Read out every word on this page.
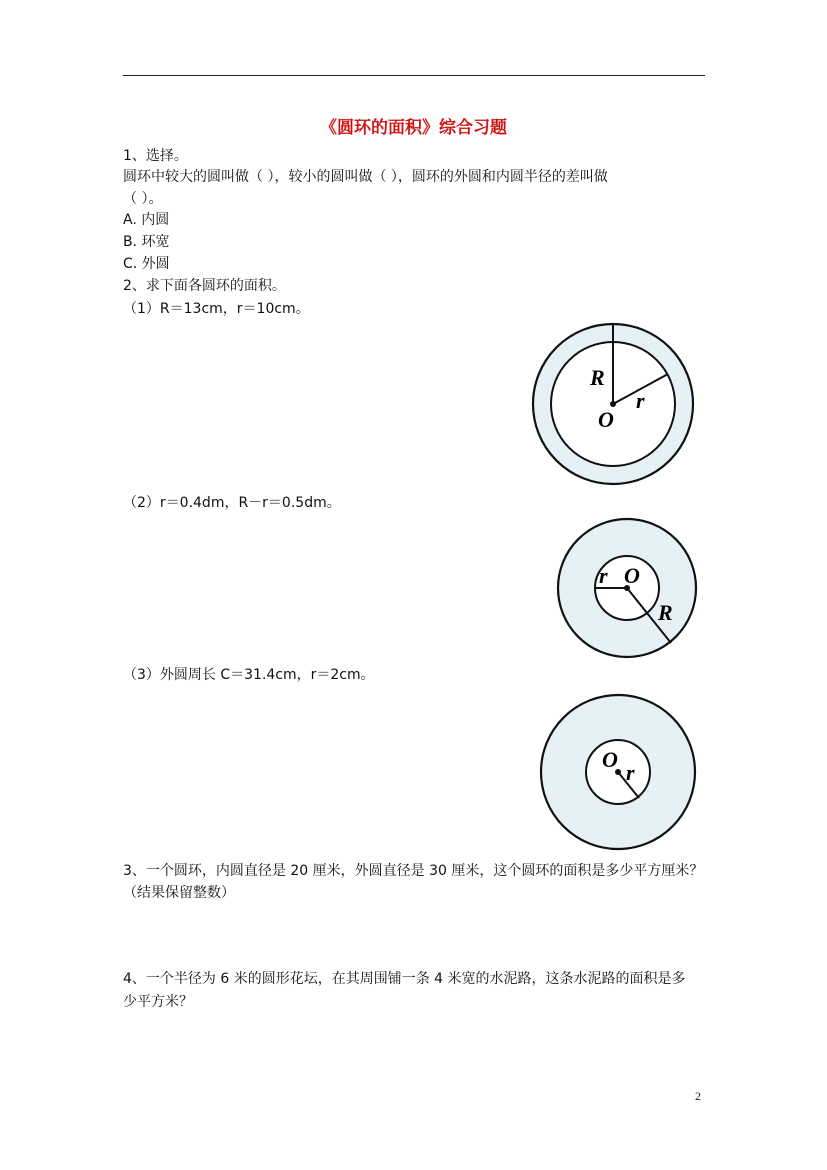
《圆环的面积》综合习题
1、选择。
圆环中较大的圆叫做（ ），较小的圆叫做（ ），圆环的外圆和内圆半径的差叫做
（ ）。
A. 内圆
B. 环宽
C. 外圆
2、求下面各圆环的面积。
（1）R＝13cm，r＝10cm。
R
r
O
（2）r＝0.4dm，R－r＝0.5dm。
r O
R
（3）外圆周长 C＝31.4cm，r＝2cm。
O
r
3、一个圆环，内圆直径是 20 厘米，外圆直径是 30 厘米，这个圆环的面积是多少平方厘米？
（结果保留整数）
4、一个半径为 6 米的圆形花坛，在其周围铺一条 4 米宽的水泥路，这条水泥路的面积是多
少平方米？
2
